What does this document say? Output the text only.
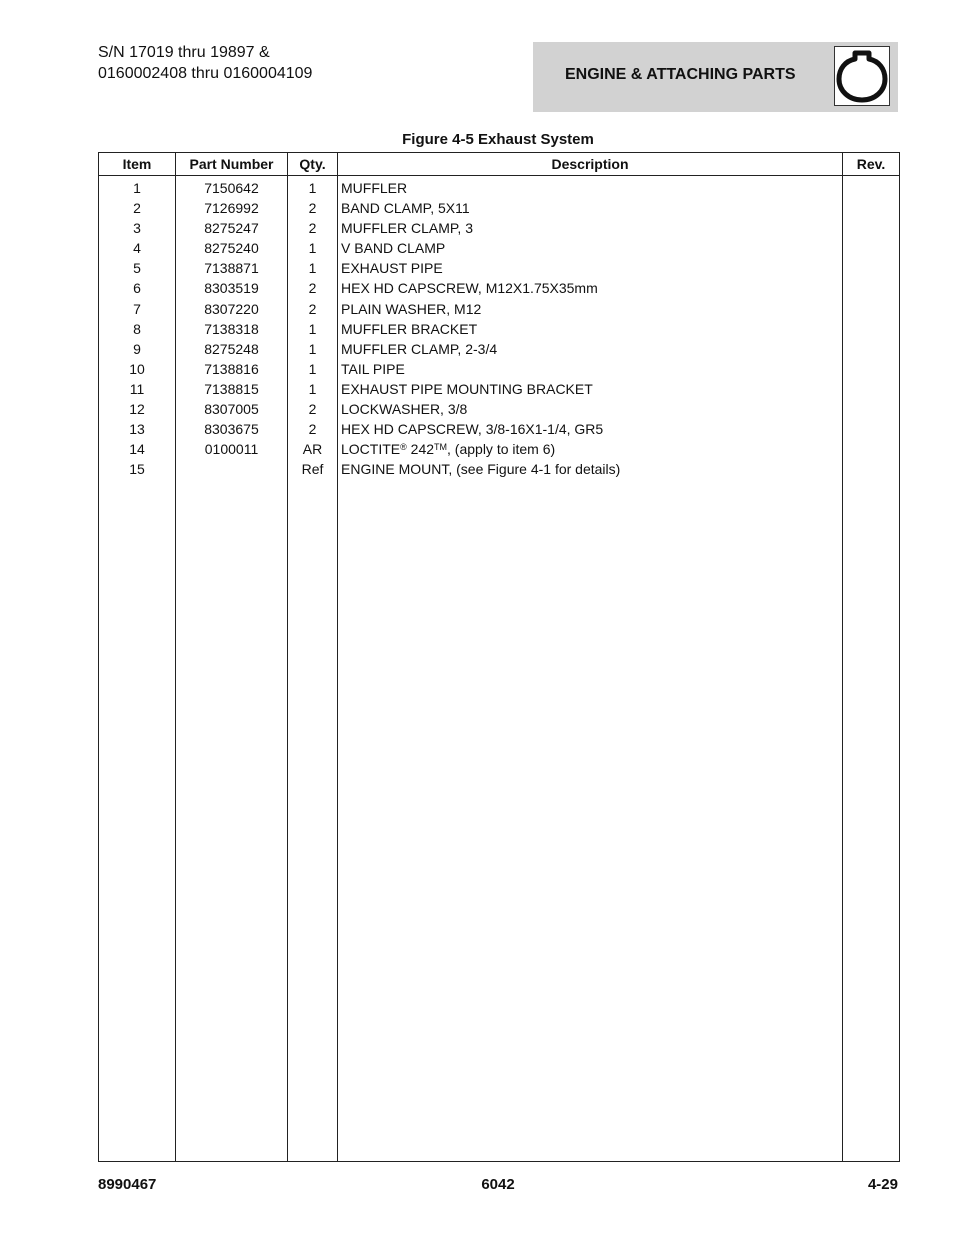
S/N 17019 thru 19897 &
0160002408 thru 0160004109	ENGINE & ATTACHING PARTS
Figure 4-5 Exhaust System
Item	Part Number	Qty.	Description	Rev.
1	7150642	1	MUFFLER	
2	7126992	2	BAND CLAMP, 5X11	
3	8275247	2	MUFFLER CLAMP, 3	
4	8275240	1	V BAND CLAMP	
5	7138871	1	EXHAUST PIPE	
6	8303519	2	HEX HD CAPSCREW, M12X1.75X35mm	
7	8307220	2	PLAIN WASHER, M12	
8	7138318	1	MUFFLER BRACKET	
9	8275248	1	MUFFLER CLAMP, 2-3/4	
10	7138816	1	TAIL PIPE	
11	7138815	1	EXHAUST PIPE MOUNTING BRACKET	
12	8307005	2	LOCKWASHER, 3/8	
13	8303675	2	HEX HD CAPSCREW, 3/8-16X1-1/4, GR5	
14	0100011	AR	LOCTITE® 242™, (apply to item 6)	
15		Ref	ENGINE MOUNT, (see Figure 4-1 for details)	

8990467	6042	4-29
